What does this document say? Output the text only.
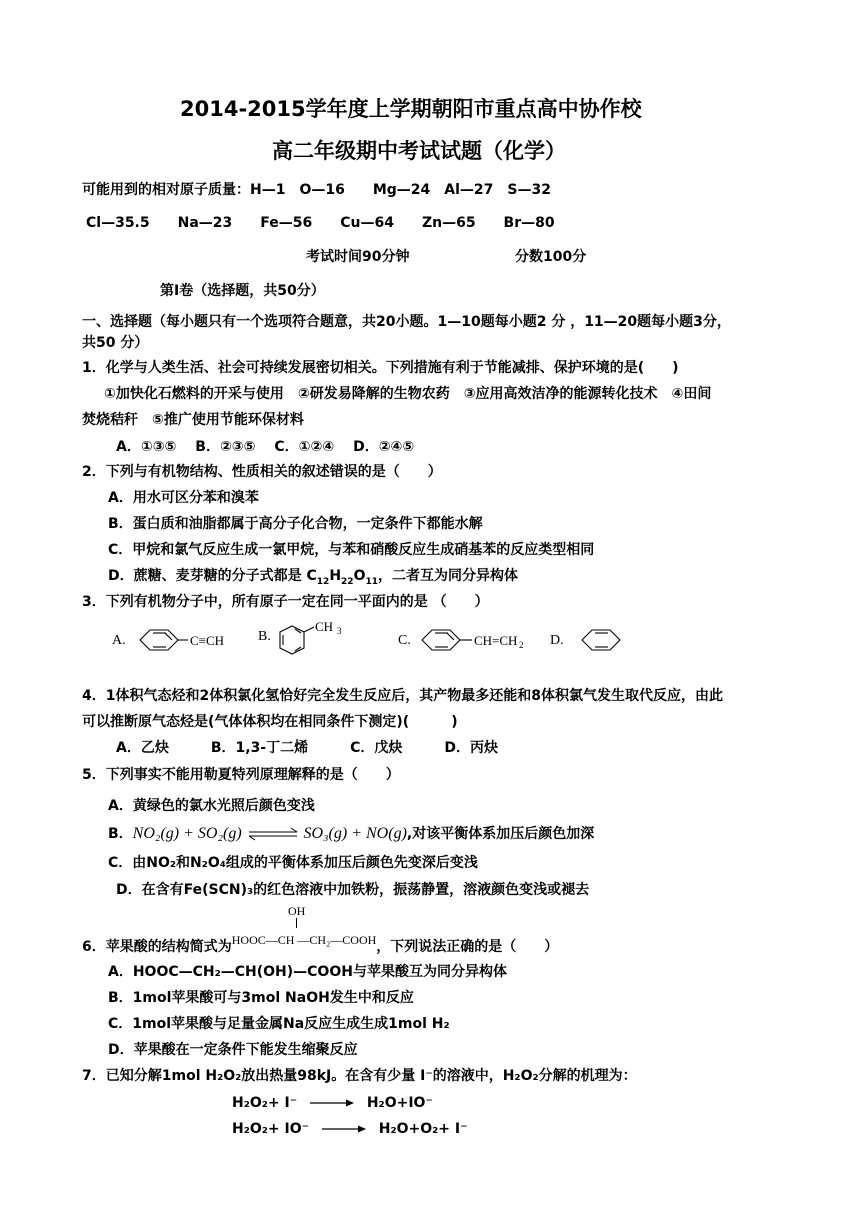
2014-2015学年度上学期朝阳市重点高中协作校
高二年级期中考试试题（化学）
可能用到的相对原子质量：H—1　O—16　　Mg—24　Al—27　S—32
Cl—35.5　　Na—23　　Fe—56　　Cu—64　　Zn—65　　Br—80
考试时间90分钟	分数100分
第Ⅰ卷（选择题，共50分）
一、选择题（每小题只有一个选项符合题意，共20小题。1—10题每小题2 分 ，11—20题每小题3分，
共50 分）
1．化学与人类生活、社会可持续发展密切相关。下列措施有利于节能减排、保护环境的是(　　)
①加快化石燃料的开采与使用　②研发易降解的生物农药　③应用高效洁净的能源转化技术　④田间
焚烧秸秆　⑤推广使用节能环保材料
A．①③⑤　 B．②③⑤　 C．①②④　 D．②④⑤
2．下列与有机物结构、性质相关的叙述错误的是（　　）
A．用水可区分苯和溴苯
B．蛋白质和油脂都属于高分子化合物，一定条件下都能水解
C．甲烷和氯气反应生成一氯甲烷，与苯和硝酸反应生成硝基苯的反应类型相同
D．蔗糖、麦芽糖的分子式都是 $C_{12}H_{22}O_{11}$，二者互为同分异构体
3．下列有机物分子中，所有原子一定在同一平面内的是 （　　）
A.	C≡CH B.
CH 3
C.	CH=CH 2 D.
4．1体积气态烃和2体积氯化氢恰好完全发生反应后，其产物最多还能和8体积氯气发生取代反应，由此
可以推断原气态烃是(气体体积均在相同条件下测定)(　　　)
A．乙炔　　　B．1,3-丁二烯　　　C．戊炔　　　D．丙炔
5．下列事实不能用勒夏特列原理解释的是（　　）
A．黄绿色的氯水光照后颜色变浅
B．NO₂(g) + SO₂(g) ⇌ SO₃(g) + NO(g),对该平衡体系加压后颜色加深
C．由NO₂和N₂O₄组成的平衡体系加压后颜色先变深后变浅
D．在含有Fe(SCN)₃的红色溶液中加铁粉，振荡静置，溶液颜色变浅或褪去
OH
6．苹果酸的结构简式为HOOC—CH —CH₂—COOH，下列说法正确的是（　　）
A．HOOC—CH₂—CH(OH)—COOH与苹果酸互为同分异构体
B．1mol苹果酸可与3mol NaOH发生中和反应
C．1mol苹果酸与足量金属Na反应生成生成1mol H₂
D．苹果酸在一定条件下能发生缩聚反应
7．已知分解1mol H₂O₂放出热量98kJ。在含有少量 I⁻的溶液中，H₂O₂分解的机理为：
H₂O₂+ I⁻ → H₂O+IO⁻
H₂O₂+ IO⁻ → H₂O+O₂+ I⁻
